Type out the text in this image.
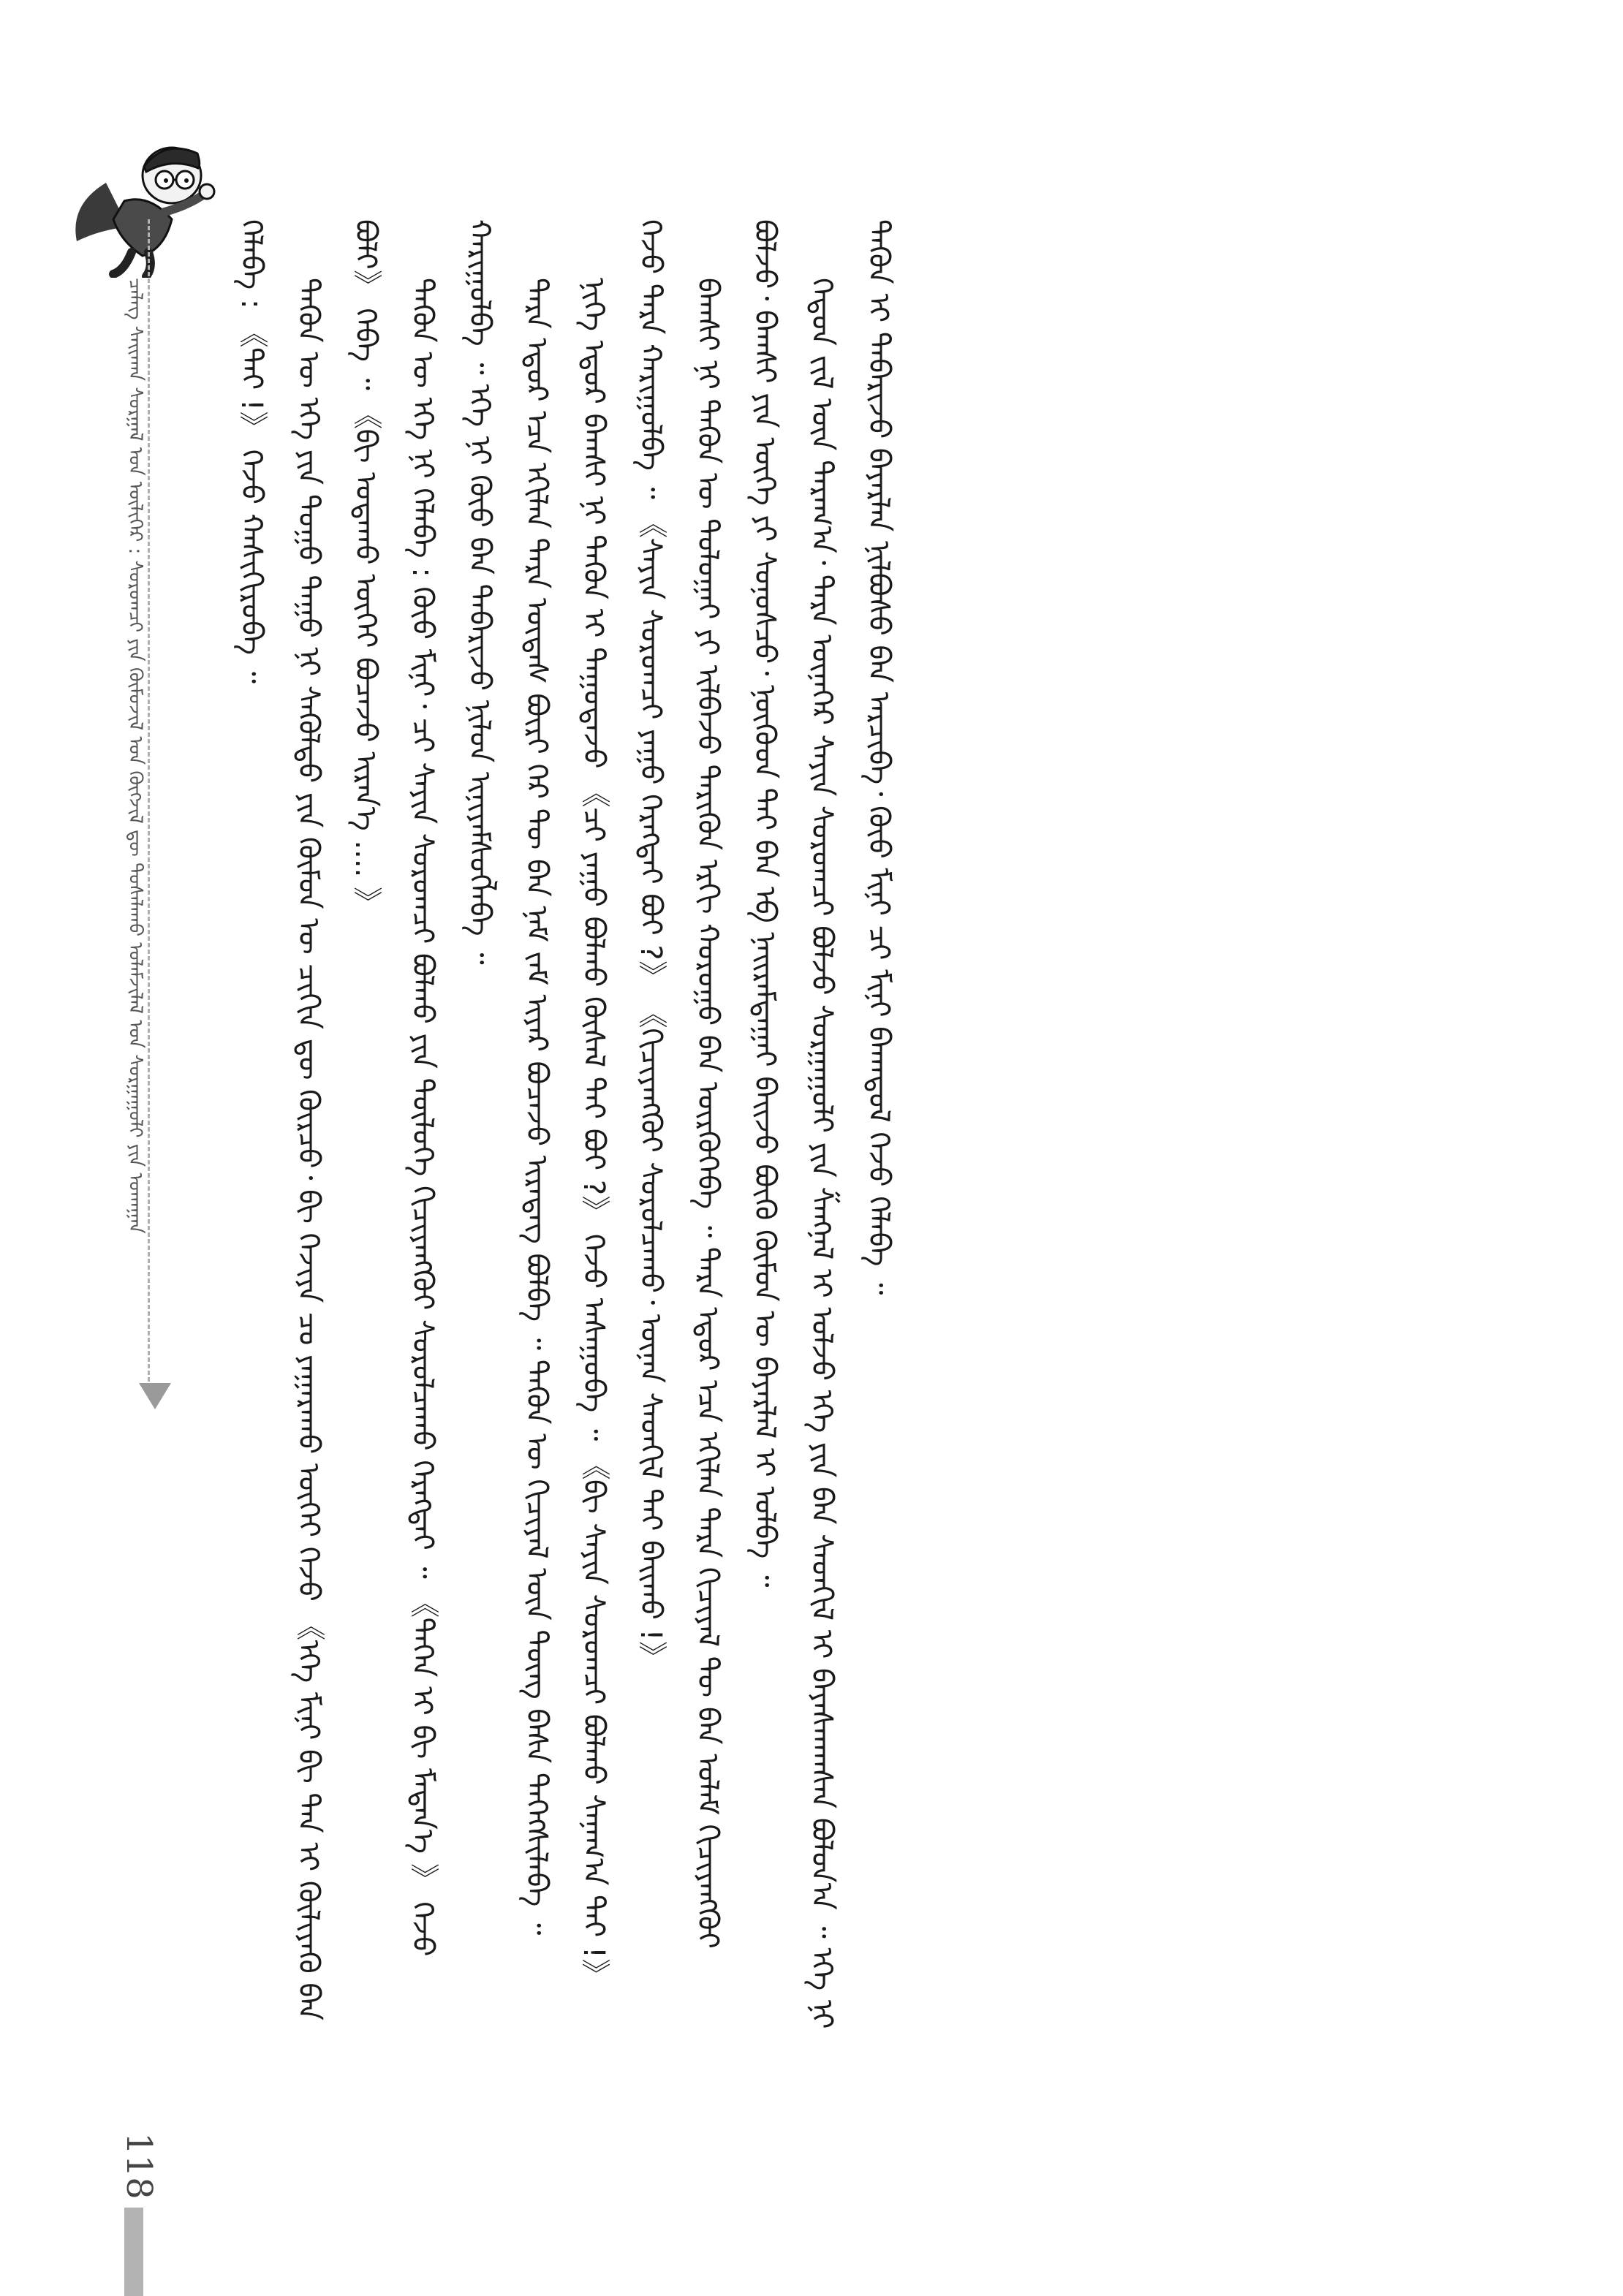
ᠴᠡᠯᠡᠭ ᠰᠠᠢᠬᠠᠨ ᠰᠤᠷᠭᠠᠯ ᠤᠨ ᠦᠯᠢᠭᠡᠷ : ᠰᠤᠷᠤᠭᠴᠢ ᠶᠢᠨ ᠬᠦᠮᠦᠵᠢᠯ ᠤᠨ ᠬᠥᠭᠵᠢᠯ ᠳᠦ ᠲᠤᠰᠠᠯᠠᠬᠤ ᠤᠯᠠᠮᠵᠢᠯᠠᠯ ᠤᠨ ᠰᠤᠷᠭᠠᠭᠤᠯᠢ ᠶᠢᠨ ᠤᠬᠠᠭᠠᠨ	ᠬᠡᠯᠡᠪᠡ : 《ᠲᠠᠢ !》 ᠭᠡᠵᠦ ᠬᠠᠰᠢᠭᠢᠷᠤᠪᠠ ᠃ ᠲᠡᠭᠦᠨ ᠦ ᠡᠬᠡ ᠶᠢᠨ ᠳᠤᠭᠤ ᠳᠠᠭᠤ ᠨᠢ ᠰᠡᠭᠦᠯᠳᠦ ᠶᠢᠨ ᠬᠦᠮᠦᠨ ᠦ ᠴᠢᠬᠢᠨ ᠳᠦ ᠬᠦᠷᠴᠦ᠂ ᠪᠢ ᠬᠡᠵᠢᠶᠡ ᠴᠤ ᠶᠠᠭᠠᠷᠠᠬᠤ ᠦᠭᠡᠢ ᠭᠡᠵᠦ 《ᠡᠬᠡ ᠮᠢᠨᠢ ᠪᠢ ᠲᠠᠨ ᠢ ᠬᠦᠯᠢᠶᠡᠬᠦ ᠪᠠᠨ ᠪᠤᠯᠢ》 ᠭᠡᠪᠡ ᠃ 《ᠪᠢ ᠤᠳᠠᠬᠤ ᠦᠭᠡᠢ ᠪᠤᠴᠠᠵᠤ ᠢᠷᠡᠨ᠎ᠡ .... 》 ᠲᠡᠭᠦᠨ ᠦ ᠡᠬᠡ ᠨᠢ ᠬᠡᠯᠡᠪᠡ : ᠬᠦᠦ ᠮᠢᠨᠢ᠂ ᠴᠢ ᠰᠠᠶᠢᠨ ᠰᠤᠷᠤᠭᠴᠢ ᠪᠤᠯᠬᠤ ᠶᠢᠨ ᠲᠥᠯᠥᠭᠡ ᠬᠢᠴᠢᠶᠡᠩᠭᠦᠢ ᠰᠤᠷᠤᠯᠴᠠᠬᠤ ᠬᠡᠷᠡᠭᠲᠡᠢ ᠃ 《ᠲᠡᠭᠡᠨ ᠢ ᠪᠢ ᠮᠡᠳᠡᠨ᠎ᠡ 》 ᠭᠡᠵᠦ ᠬᠠᠷᠢᠭᠤᠯᠪᠠ ᠃ ᠡᠬᠡ ᠨᠢ ᠬᠦᠦ ᠪᠡᠨ ᠲᠡᠪᠡᠷᠢᠵᠦ ᠨᠢᠯᠤᠨ ᠢᠨᠢᠶᠡᠮᠰᠦᠭᠯᠡᠪᠡ ᠃ ᠲᠡᠷᠡ ᠡᠳᠦᠷ ᠡᠴᠡ ᠡᠬᠢᠯᠡᠨ ᠲᠡᠷᠡ ᠦᠳᠡᠰ ᠪᠦᠷᠢ ᠭᠡᠷ ᠲᠦ ᠪᠠᠨ ᠨᠠᠮ ᠵᠠᠮ ᠢᠶᠠᠷ ᠪᠤᠴᠠᠵᠤ ᠢᠷᠡᠳᠡᠭ ᠪᠤᠯᠪᠠ ᠃ ᠲᠡᠭᠦᠨ ᠦ ᠬᠢᠴᠢᠶᠡᠯ ᠦᠨ ᠳᠦᠩ ᠪᠠᠰᠠ ᠳᠡᠭᠡᠭᠰᠢᠯᠡᠪᠡ ᠃ ᠨᠢᠭᠡ ᠡᠳᠦᠷ ᠪᠠᠭᠰᠢ ᠨᠢ ᠲᠡᠭᠦᠨ ᠢ ᠳᠠᠭᠤᠳᠠᠵᠤ 《ᠴᠢ ᠶᠠᠭᠤ ᠪᠤᠯᠬᠤ ᠬᠦᠰᠡᠯ ᠲᠡᠢ ᠪᠤᠢ ?》 ᠭᠡᠵᠦ ᠠᠰᠠᠭᠤᠪᠠ ᠃ 《ᠪᠢ ᠰᠠᠶᠢᠨ ᠰᠤᠷᠤᠭᠴᠢ ᠪᠤᠯᠬᠤ ᠰᠠᠨᠠᠭ᠎ᠠ ᠲᠠᠢ !》 ᠭᠡᠵᠦ ᠲᠡᠷᠡ ᠬᠠᠷᠢᠭᠤᠯᠪᠠ ᠃ 《ᠰᠠᠶᠢᠨ ᠰᠤᠷᠤᠭᠴᠢ ᠶᠠᠭᠤ ᠬᠡᠷᠡᠭᠲᠡᠢ ᠪᠤᠢ ?》 《ᠬᠢᠴᠢᠶᠡᠩᠭᠦᠢ ᠰᠤᠷᠤᠯᠴᠠᠬᠤ᠂ ᠦᠨᠡᠨ ᠰᠡᠳᠬᠢᠯ ᠲᠡᠢ ᠪᠠᠢᠬᠤ !》 ᠪᠠᠭᠰᠢ ᠨᠢ ᠲᠡᠭᠦᠨ ᠦ ᠲᠣᠯᠣᠭᠠᠢ ᠶᠢ ᠢᠯᠪᠡᠵᠦ ᠲᠡᠷᠢᠭᠦᠨ ᠡᠷᠬᠢ ᠬᠤᠷᠤᠭᠤ ᠪᠠᠨ ᠥᠷᠭᠥᠭᠡᠪᠡ ᠃ ᠲᠡᠷᠡ ᠡᠳᠦᠷ ᠡᠴᠡ ᠡᠬᠢᠯᠡᠨ ᠲᠡᠷᠡ ᠬᠢᠴᠢᠶᠡᠯ ᠲᠦ ᠪᠠᠨ ᠤᠯᠠᠮ ᠬᠢᠴᠢᠶᠡᠩᠭᠦᠢ ᠪᠤᠯᠵᠤ᠂ ᠪᠠᠭᠰᠢ ᠶᠢᠨ ᠦᠭᠡ ᠶᠢ ᠰᠣᠨᠣᠰᠴᠤ᠂ ᠨᠥᠬᠦᠳ ᠲᠡᠢ ᠪᠠᠨ ᠡᠪ ᠨᠠᠢᠷᠠᠮᠳᠠᠭᠠᠢ ᠪᠠᠢᠵᠤ ᠪᠦᠬᠦ ᠬᠦᠮᠦᠨ ᠦ ᠪᠠᠶᠠᠷᠯᠠᠯ ᠢ ᠤᠯᠪᠠ ᠃ ᠬᠡᠳᠦᠨ ᠵᠢᠯ ᠦᠨ ᠳᠠᠷᠠᠭ᠎ᠠ᠂ ᠲᠡᠷᠡ ᠦᠨᠡᠬᠡᠷ ᠰᠠᠶᠢᠨ ᠰᠤᠷᠤᠭᠴᠢ ᠪᠤᠯᠵᠤ ᠰᠤᠷᠭᠠᠭᠤᠯᠢ ᠶᠢᠨ ᠱᠠᠩᠨᠠᠯ ᠢ ᠣᠯᠵᠤ ᠡᠬᠡ ᠶᠢᠨ ᠪᠠᠨ ᠰᠡᠳᠬᠢᠯ ᠢ ᠪᠠᠶᠠᠰᠬᠠᠭᠰᠠᠨ ᠪᠤᠯᠤᠨ᠎ᠠ ᠃ ᠡᠬᠡ ᠨᠢ ᠲᠡᠭᠦᠨ ᠢ ᠲᠡᠪᠡᠷᠢᠵᠦ ᠪᠠᠶᠠᠷᠯᠠᠨ ᠨᠢᠯᠪᠤᠰᠤ ᠪᠠᠨ ᠠᠷᠴᠢᠪᠠ᠂ ᠬᠦᠦ ᠮᠢᠨᠢ ᠴᠢ ᠮᠢᠨᠢ ᠪᠠᠬᠠᠳᠤᠯ ᠭᠡᠵᠦ ᠬᠡᠯᠡᠪᠡ ᠃

118
